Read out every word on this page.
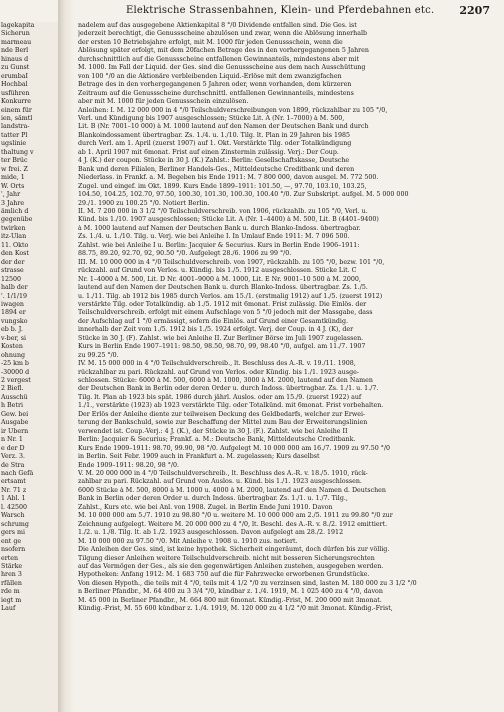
Elektrische Strassenbahnen, Klein- und Pferdebahnen etc. 2207
lagekapita
Sicherun
marmeau
nde Berl
hinaus d
zu Gunst
erumbaI
Hochbal
usführen
Konkurre
einem für
ien, sämtl
landstra-
tatter Pl
ugslinie
thaltung v
ter Brüc
w frei. Z
mide, 1
W. Orts
', Jahr
3 Jahre
ämlich d
gegenübe
twirken
itz-Ulan
11. Okto
den Kost
der der
strasse
12500
halb der
'. 1/1/19
iwagen
1894 er
vungsko
eb b. J.
v-ber, si
Kosten
ohnung
-25 km b
-30000 d
2 vergest
2 Biefl.
Ausschü
h Betri
Gew. bei
Ausgabe
ir Ubern
n Nr. 1
e der D
Verz. 3.
de Stra
nach Gefä
ertsamt
Nr. 71 z
1 Abl. 1
l. 42500
Warsch
schrumg
gers mi
ent ge
nsofern
erten
Stärke
hren 3
rfällen
rde m
iegt m
Lauf
nadelem auf das ausgegebene Aktienkapital 8 °/0 Dividende entfallen sind. Die Ges. ist
jederzeit berechtigt, die Genussscheine abzulösen und zwar, wenn die Ablösung innerhalb
der ersten 10 Betriebsjahre erfolgt, mit M. 1000 für jeden Genussschein, wenn die
Ablösung später erfolgt, mit dem 20fachen Betrage des in den vorhergegangenen 5 Jahren
durchschnittlich auf die Genussscheine entfallenen Gewinnanteils, mindestens aber mit
M. 1000. Im Fall der Liquid. der Ges. sind die Genussscheine aus dem nach Ausschüttung
von 100 °/0 an die Aktionäre verbleibenden Liquid.-Erlöse mit dem zwanzigfachen
Betrage des in den vorhergegangenen 5 Jahren oder, wenn vorhanden, dem kürzeren
Zeitraum auf die Genussscheine durchschnittl. entfallenen Gewinnanteils, mindestens
aber mit M. 1000 für jeden Genussschein einzulösen.
Anleihen: I. M. 12 000 000 in 4 °/0 Teilschuldverschreibungen von 1899, rückzahlbar zu 105 °/0,
Verl. und Kündigung bis 1907 ausgeschlossen; Stücke Lit. A (Nr. 1–7000) à M. 500,
Lit. B (Nr. 7001–10 000) à M. 1000 lautend auf den Namen der Deutschen Bank und durch
Blankoindossament übertragbar. Zs. 1./4. u. 1./10. Tilg. lt. Plan in 29 Jahren bis 1985
durch Verl. am 1. April (zuerst 1907) auf 1. Okt. Verstärkte Tilg. oder Totalkündigung
ab 1. April 1907 mit 6monat. Frist auf einen Zinstermin zulässig. Verj.: Der Coup.
4 J. (K.) der coupon. Stücke in 30 J. (K.) Zahlst.: Berlin: Gesellschaftskasse, Deutsche
Bank und deren Filialen, Berliner Handels-Ges., Mitteldeutsche Creditbank und deren
Niederlass. in Frankf. a. M. Begeben bis Ende 1911: M. 7 800 000, davon ausgel. M. 772 500.
Zugel. und eingef. im Okt. 1899. Kurs Ende 1899–1911: 101.50, —, 97.70, 103.10, 103.25,
104.50, 104.25, 102.70, 97.50, 100.30, 101.30, 100.30, 100.40 °/0. Zur Subskript. aufgel. M. 5 000 000
29./1. 1900 zu 100.25 °/0. Notiert Berlin.
II. M. 7 200 000 in 3 1/2 °/0 Teilschuldverschreib. von 1906, rückzahlb. zu 105 °/0, Verl. u.
Künd. bis 1./10. 1907 ausgeschlossen; Stücke Lit. A (Nr. 1–4400) à M. 500, Lit. B (4401–9400)
à M. 1000 lautend auf Namen der Deutschen Bank u. durch Blanko-Indoss. übertragbar.
Zs. 1./4. u. 1./10. Tilg. u. Verj. wie bei Anleihe I. In Umlauf Ende 1911: M. 7 096 500.
Zahlst. wie bei Anleihe I u. Berlin: Jacquier & Securius. Kurs in Berlin Ende 1906–1911:
88.75, 89.20, 92.70, 92, 90.50 °/0. Aufgelegt 28./6. 1906 zu 99 °/0.
III. M. 10 000 000 in 4 °/0 Teilschuldverschreib. von 1907, rückzahlb. zu 105 °/0, bezw. 101 °/0,
rückzahl. auf Grund von Verlos. u. Kündig. bis 1./5. 1912 ausgeschlossen. Stücke Lit. C
Nr. 1–4000 à M. 500, Lit. D Nr. 4001–9000 à M. 1000, Lit. E Nr. 9001–10 500 à M. 2000,
lautend auf den Namen der Deutschen Bank u. durch Blanko-Indoss. übertragbar. Zs. 1./5.
u. 1./11. Tilg. ab 1912 bis 1985 durch Verlos. am 15./1. (erstmalig 1912) auf 1./5. (zuerst 1912)
verstärkte Tilg. oder Totalkündig. ab 1./5. 1912 mit 6monat. Frist zulässig. Die Einlös. der
Teilschuldverschreib. erfolgt mit einem Aufschlage von 5 °/0 jedoch mit der Massgabe, dass
der Aufschlag auf 1 °/0 ermässigt, sofern die Einlös. auf Grund einer Gesamtkündig.
innerhalb der Zeit vom 1./5. 1912 bis 1./5. 1924 erfolgt. Verj. der Coup. in 4 J. (K), der
Stücke in 30 J. (F). Zahlst. wie bei Anleihe II. Zur Berliner Börse im Juli 1907 zugelassen.
Kurs in Berlin Ende 1907–1911: 98.50, 98.50, 98.70, 99, 98.40 °/0, aufgel. am 11./7. 1907
zu 99.25 °/0.
IV. M. 15 000 000 in 4 °/0 Teilschuldverschreib., lt. Beschluss des A.-R. v. 19./11. 1908,
rückzahlbar zu pari. Rückzahl. auf Grund von Verlos. oder Kündig. bis 1./1. 1923 ausge-
schlossen. Stücke: 6000 à M. 500, 6000 à M. 1000, 3000 à M. 2000, lautend auf den Namen
der Deutschen Bank in Berlin oder deren Order u. durch Indoss. übertragbar. Zs. 1./1. u. 1./7.
Tilg. lt. Plan ab 1923 bis spät. 1986 durch jährl. Auslos. oder am 15./9. (zuerst 1922) auf
1./1., verstärkte (1923) ab 1923 verstärkte Tilg. oder Totalkünd. mit 6monat. Frist vorbehalten.
Der Erlös der Anleihe diente zur teilweisen Deckung des Geldbedarfs, welcher zur Erwei-
terung der Bankschuld, sowie zur Beschaffung der Mittel zum Bau der Erweiterungslinien
verwendet ist. Coup.-Verj.: 4 J. (K.), der Stücke in 30 J. (F.). Zahlst. wie bei Anleihe II
Berlin: Jacquier & Securius; Frankf. a. M.: Deutsche Bank, Mitteldeutsche Creditbank.
Kurs Ende 1909–1911: 98.70, 99.90, 98 °/0. Aufgelegt M. 10 000 000 am 16./7. 1909 zu 97.50 °/0
in Berlin. Seit Febr. 1909 auch in Frankfurt a. M. zugelassen; Kurs daselbst
Ende 1909–1911: 98.20, 98 °/0.
V. M. 20 000 000 in 4 °/0 Teilschuldverschreib., lt. Beschluss des A.-R. v. 18./5. 1910, rück-
zahlbar zu pari. Rückzahl. auf Grund von Auslos. u. Künd. bis 1./1. 1923 ausgeschlossen.
6000 Stücke à M. 500, 8000 à M. 1000 u. 4000 à M. 2000, lautend auf den Namen d. Deutschen
Bank in Berlin oder deren Order u. durch Indoss. übertragbar. Zs. 1./1. u. 1./7. Tilg.,
Zahlst., Kurs etc. wie bei Anl. von 1908. Zugel. in Berlin Ende Juni 1910. Davon
M. 10 000 000 am 5./7. 1910 zu 98.80 °/0 u. weitere M. 10 000 000 am 2./5. 1911 zu 99.80 °/0 zur
Zeichnung aufgelegt. Weitere M. 20 000 000 zu 4 °/0, lt. Beschl. des A.-R. v. 8./2. 1912 emittiert.
1./2. u. 1./8. Tilg. lt. ab 1./2. 1923 ausgeschlossen. Davon aufgelegt am 28./2. 1912
M. 10 000 000 zu 97.50 °/0. Mit Anleihe v. 1908 u. 1910 zus. notiert.
Die Anleihen der Ges. sind, ist keine hypothek. Sicherheit eingeräumt, doch dürfen bis zur völlig.
Tilgung dieser Anleihen weitere Teilschuldverschreib. nicht mit besseren Sicherungsrechten
auf das Vermögen der Ges., als sie den gegenwärtigen Anleihen zustehen, ausgegeben werden.
Hypotheken: Anfang 1912: M. 1 683 750 auf die für Fahrzwecke erworbenen Grundstücke.
Von diesen Hypoth., die teils mit 4 °/0, teils mit 4 1/2 °/0 zu verzinsen sind, lasten M. 180 000 zu 3 1/2 °/0
n Berliner Pfandbr., M. 64 400 zu 3 3/4 °/0, kündbar z. 1./4. 1919, M. 1 025 400 zu 4 °/0, davon
M. 45 000 in Berliner Pfandbr., M. 664 800 mit 6monat. Kündig.-Frist, M. 200 000 mit 3monat.
Kündig.-Frist, M. 55 600 kündbar z. 1./4. 1919, M. 120 000 zu 4 1/2 °/0 mit 3monat. Kündig.-Frist,
